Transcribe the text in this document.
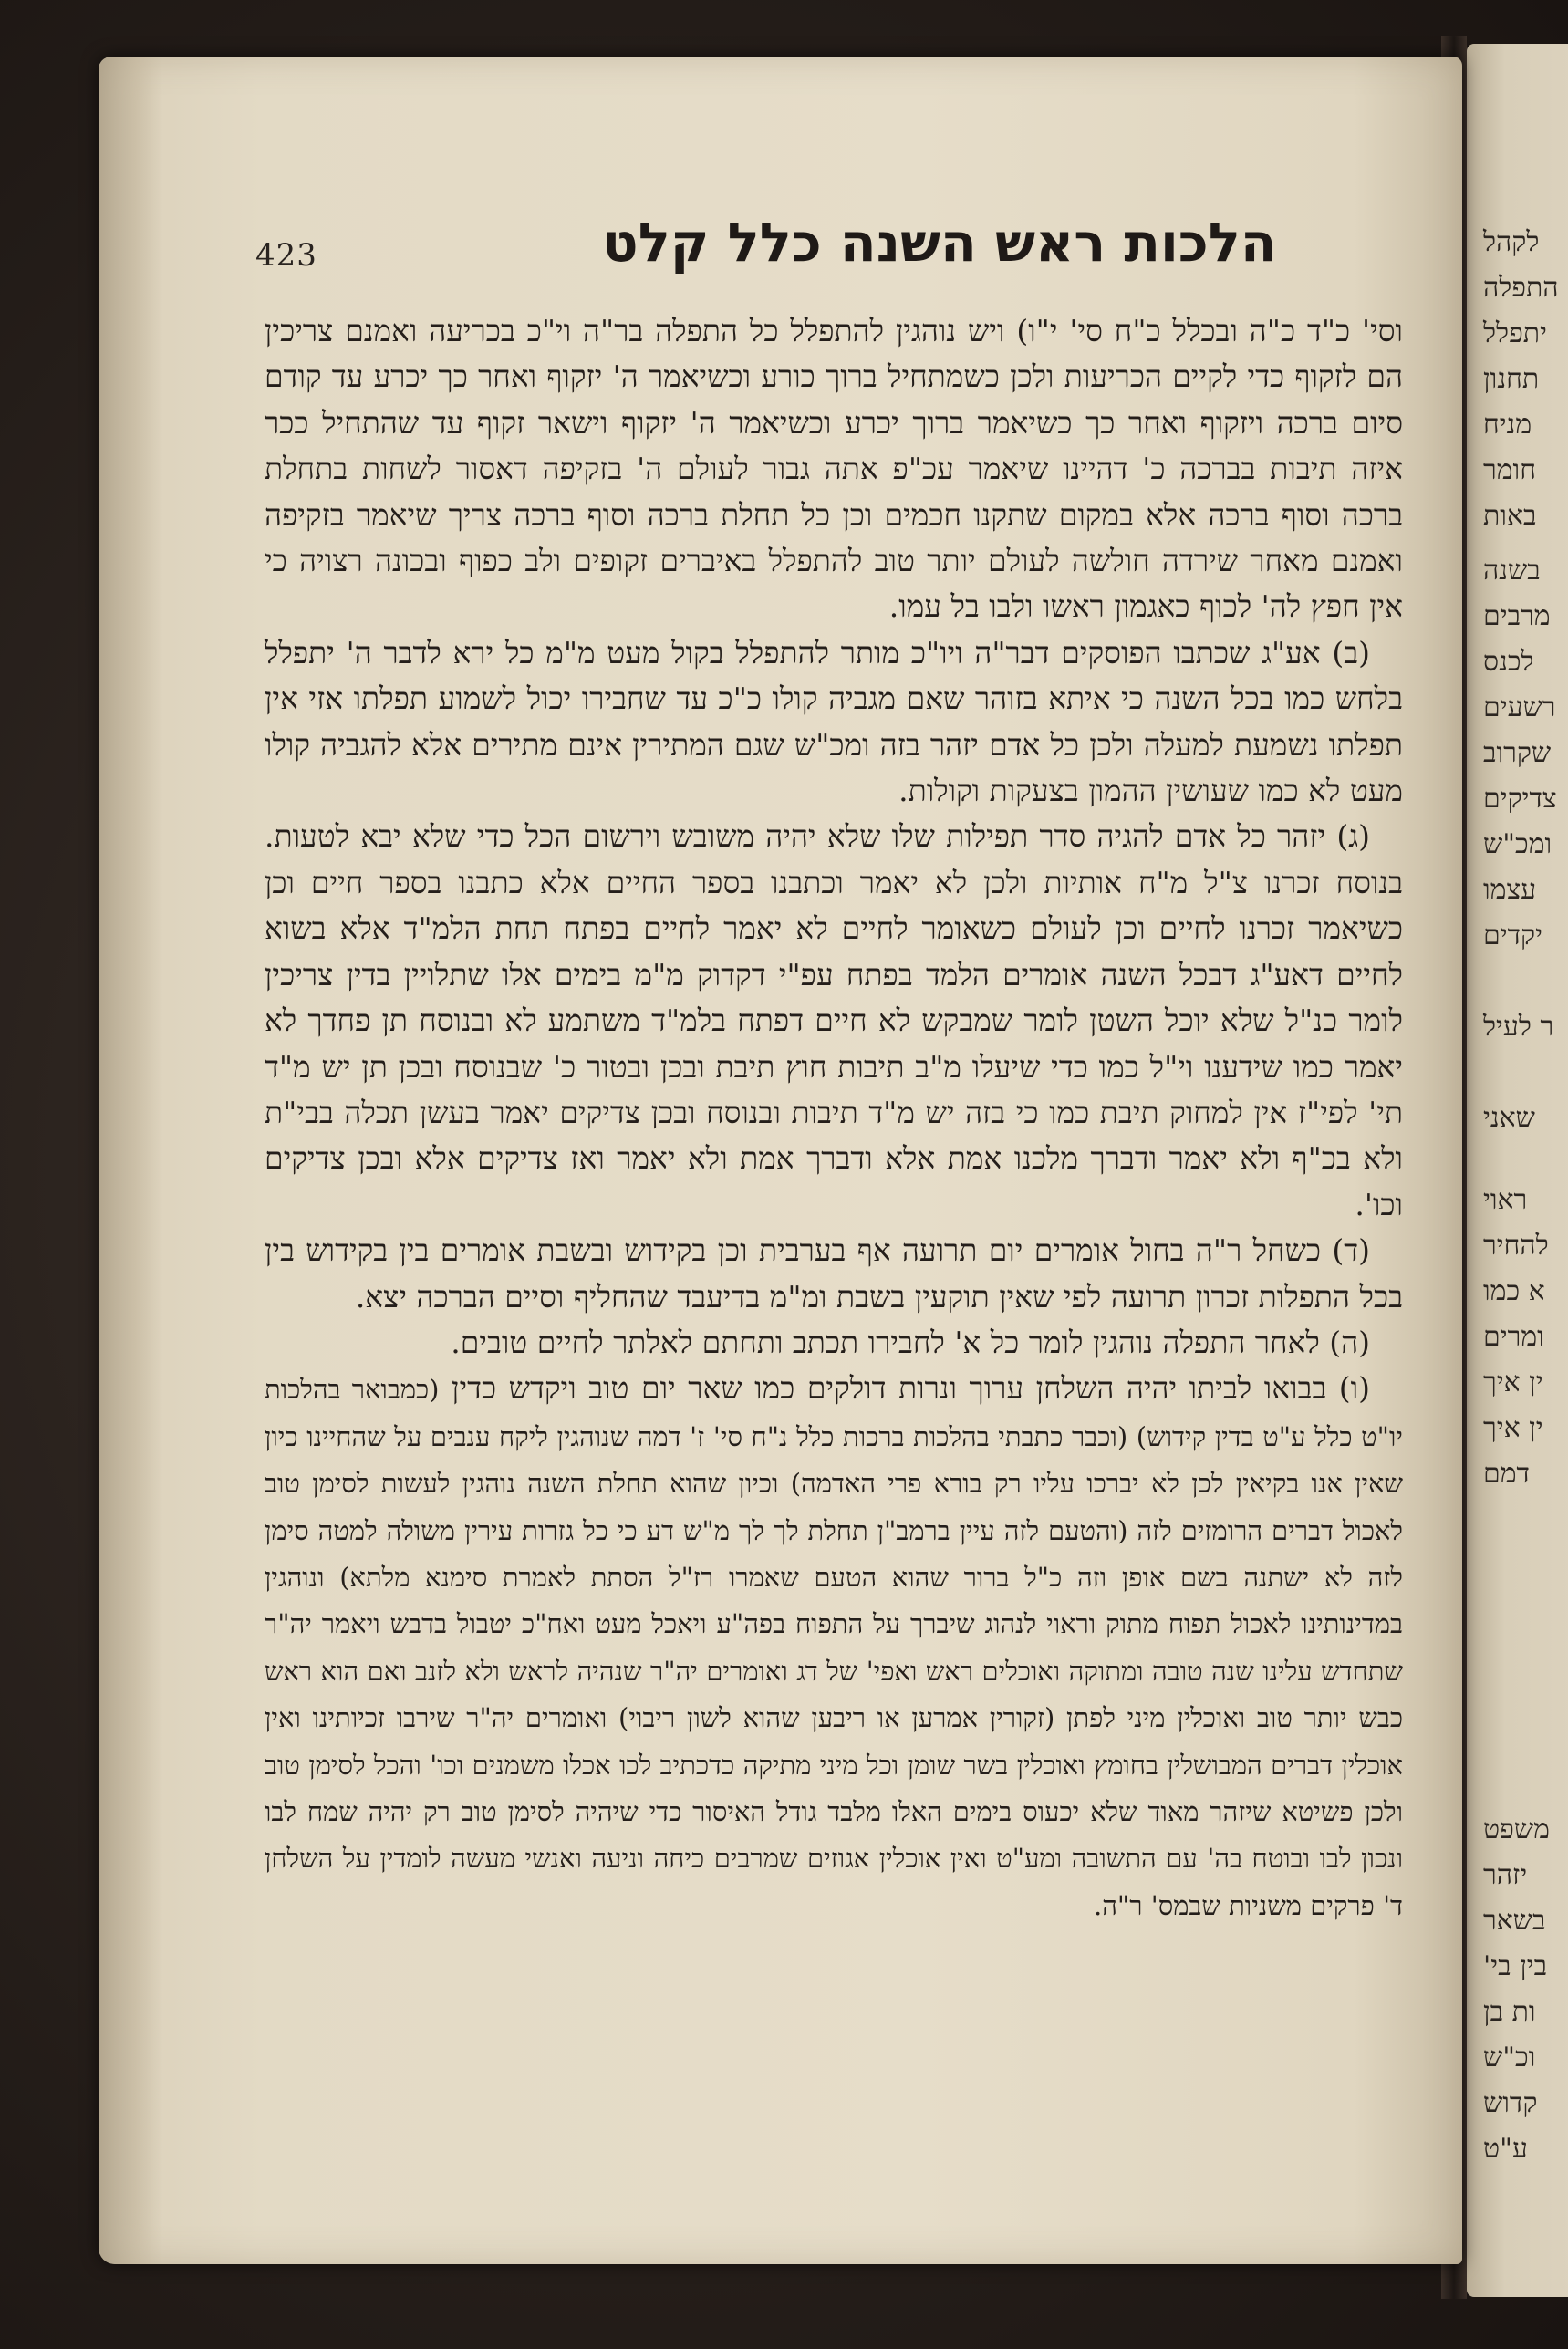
לקהל
התפלה
יתפלל
תחנון
מניח
חומר
באות
בשנה
מרבים
לכנס
רשעים
שקרוב
צדיקים
ומכ"ש
עצמו
יקדים
ר לעיל
שאני
ראוי
להחיר
א כמו
ומרים
ין איך
ין איך
דמם
משפט
יזהר
בשאר
בין בי'
ות בן
וכ"ש
קדוש
ע"ט
423	הלכות ראש השנה כלל קלט

וסי' כ"ד כ"ה ובכלל כ"ח סי' י"ו) ויש נוהגין להתפלל כל התפלה בר"ה וי"כ בכריעה ואמנם צריכין הם לזקוף כדי לקיים הכריעות ולכן כשמתחיל ברוך כורע וכשיאמר ה' יזקוף ואחר כך יכרע עד קודם סיום ברכה ויזקוף ואחר כך כשיאמר ברוך יכרע וכשיאמר ה' יזקוף וישאר זקוף עד שהתחיל ככר איזה תיבות בברכה כ' דהיינו שיאמר עכ"פ אתה גבור לעולם ה' בזקיפה דאסור לשחות בתחלת ברכה וסוף ברכה אלא במקום שתקנו חכמים וכן כל תחלת ברכה וסוף ברכה צריך שיאמר בזקיפה ואמנם מאחר שירדה חולשה לעולם יותר טוב להתפלל באיברים זקופים ולב כפוף ובכונה רצויה כי אין חפץ לה' לכוף כאגמון ראשו ולבו בל עמו.

(ב) אע"ג שכתבו הפוסקים דבר"ה ויו"כ מותר להתפלל בקול מעט מ"מ כל ירא לדבר ה' יתפלל בלחש כמו בכל השנה כי איתא בזוהר שאם מגביה קולו כ"כ עד שחבירו יכול לשמוע תפלתו אזי אין תפלתו נשמעת למעלה ולכן כל אדם יזהר בזה ומכ"ש שגם המתירין אינם מתירים אלא להגביה קולו מעט לא כמו שעושין ההמון בצעקות וקולות.

(ג) יזהר כל אדם להגיה סדר תפילות שלו שלא יהיה משובש וירשום הכל כדי שלא יבא לטעות. בנוסח זכרנו צ"ל מ"ח אותיות ולכן לא יאמר וכתבנו בספר החיים אלא כתבנו בספר חיים וכן כשיאמר זכרנו לחיים וכן לעולם כשאומר לחיים לא יאמר לחיים בפתח תחת הלמ"ד אלא בשוא לחיים דאע"ג דבכל השנה אומרים הלמד בפתח עפ"י דקדוק מ"מ בימים אלו שתלויין בדין צריכין לומר כנ"ל שלא יוכל השטן לומר שמבקש לא חיים דפתח בלמ"ד משתמע לא ובנוסח תן פחדך לא יאמר כמו שידענו וי"ל כמו כדי שיעלו מ"ב תיבות חוץ תיבת ובכן ובטור כ' שבנוסח ובכן תן יש מ"ד תי' לפי"ז אין למחוק תיבת כמו כי בזה יש מ"ד תיבות ובנוסח ובכן צדיקים יאמר בעשן תכלה בבי"ת ולא בכ"ף ולא יאמר ודברך מלכנו אמת אלא ודברך אמת ולא יאמר ואז צדיקים אלא ובכן צדיקים וכו'.

(ד) כשחל ר"ה בחול אומרים יום תרועה אף בערבית וכן בקידוש ובשבת אומרים בין בקידוש בין בכל התפלות זכרון תרועה לפי שאין תוקעין בשבת ומ"מ בדיעבד שהחליף וסיים הברכה יצא.

(ה) לאחר התפלה נוהגין לומר כל א' לחבירו תכתב ותחתם לאלתר לחיים טובים.

(ו) בבואו לביתו יהיה השלחן ערוך ונרות דולקים כמו שאר יום טוב ויקדש כדין (כמבואר בהלכות יו"ט כלל ע"ט בדין קידוש) (וכבר כתבתי בהלכות ברכות כלל נ"ח סי' ז' דמה שנוהגין ליקח ענבים על שהחיינו כיון שאין אנו בקיאין לכן לא יברכו עליו רק בורא פרי האדמה) וכיון שהוא תחלת השנה נוהגין לעשות לסימן טוב לאכול דברים הרומזים לזה (והטעם לזה עיין ברמב"ן תחלת לך לך מ"ש דע כי כל גזרות עירין משולה למטה סימן לזה לא ישתנה בשם אופן וזה כ"ל ברור שהוא הטעם שאמרו רז"ל הסתת לאמרת סימנא מלתא) ונוהגין במדינותינו לאכול תפוח מתוק וראוי לנהוג שיברך על התפוח בפה"ע ויאכל מעט ואח"כ יטבול בדבש ויאמר יה"ר שתחדש עלינו שנה טובה ומתוקה ואוכלים ראש ואפי' של דג ואומרים יה"ר שנהיה לראש ולא לזנב ואם הוא ראש כבש יותר טוב ואוכלין מיני לפתן (זקורין אמרען או ריבען שהוא לשון ריבוי) ואומרים יה"ר שירבו זכיותינו ואין אוכלין דברים המבושלין בחומץ ואוכלין בשר שומן וכל מיני מתיקה כדכתיב לכו אכלו משמנים וכו' והכל לסימן טוב ולכן פשיטא שיזהר מאוד שלא יכעוס בימים האלו מלבד גודל האיסור כדי שיהיה לסימן טוב רק יהיה שמח לבו ונכון לבו ובוטח בה' עם התשובה ומע"ט ואין אוכלין אגוזים שמרבים כיחה וניעה ואנשי מעשה לומדין על השלחן ד' פרקים משניות שבמס' ר"ה.
